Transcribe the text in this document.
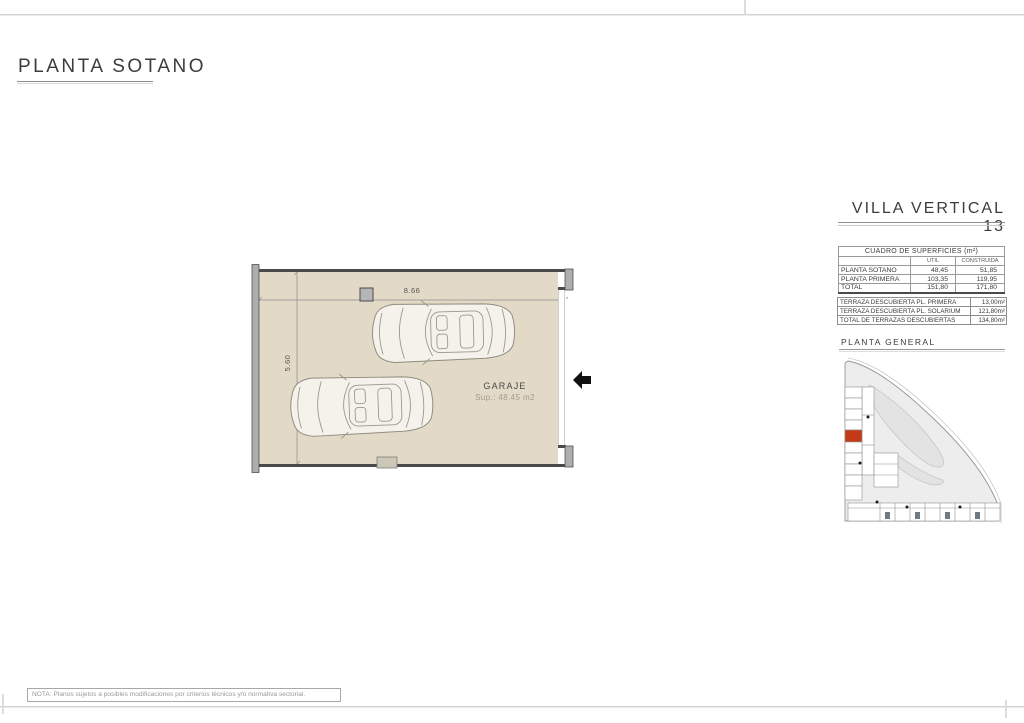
PLANTA SOTANO
VILLA VERTICAL 13
CUADRO DE SUPERFICIES (m²)		
	UTIL	CONSTRUIDA
PLANTA SOTANO	48,45	51,85
PLANTA PRIMERA	103,35	119,95
TOTAL	151,80	171,80
TERRAZA DESCUBIERTA PL. PRIMERA	13,00m²
TERRAZA DESCUBIERTA PL. SOLARIUM	121,80m²
TOTAL DE TERRAZAS DESCUBIERTAS	134,80m²
PLANTA GENERAL
8.66
5.60
GARAJE
Sup.: 48.45 m2
NOTA: Planos sujetos a posibles modificaciones por criterios técnicos y/o normativa sectorial.
